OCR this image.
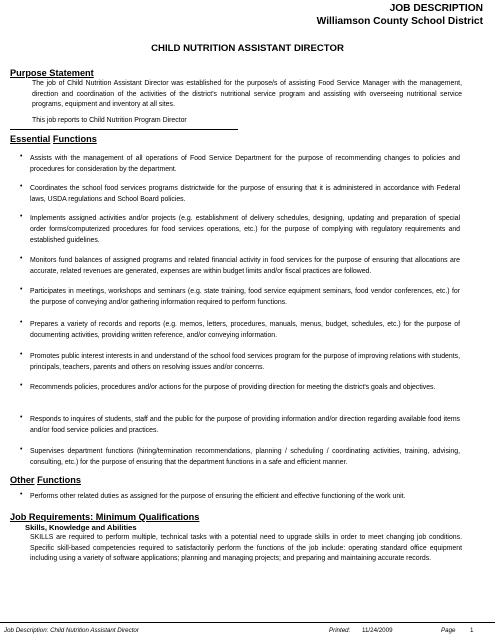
JOB DESCRIPTION
Williamson County School District
CHILD NUTRITION ASSISTANT DIRECTOR
Purpose Statement
The job of Child Nutrition Assistant Director was established for the purpose/s of assisting Food Service Manager with the management, direction and coordination of the activities of the district's nutritional service program and assisting with overseeing nutritional service programs, equipment and inventory at all sites.
This job reports to Child Nutrition Program Director
Essential Functions
• Assists with the management of all operations of Food Service Department for the purpose of recommending changes to policies and procedures for consideration by the department.
• Coordinates the school food services programs districtwide for the purpose of ensuring that it is administered in accordance with Federal laws, USDA regulations and School Board policies.
• Implements assigned activities and/or projects (e.g. establishment of delivery schedules, designing, updating and preparation of special order forms/computerized procedures for food services operations, etc.) for the purpose of complying with regulatory requirements and established guidelines.
• Monitors fund balances of assigned programs and related financial activity in food services for the purpose of ensuring that allocations are accurate, related revenues are generated, expenses are within budget limits and/or fiscal practices are followed.
• Participates in meetings, workshops and seminars (e.g. state training, food service equipment seminars, food vendor conferences, etc.) for the purpose of conveying and/or gathering information required to perform functions.
• Prepares a variety of records and reports (e.g. memos, letters, procedures, manuals, menus, budget, schedules, etc.) for the purpose of documenting activities, providing written reference, and/or conveying information.
• Promotes public interest interests in and understand of the school food services program for the purpose of improving relations with students, principals, teachers, parents and others on resolving issues and/or concerns.
• Recommends policies, procedures and/or actions for the purpose of providing direction for meeting the district's goals and objectives.
• Responds to inquires of students, staff and the public for the purpose of providing information and/or direction regarding available food items and/or food service policies and practices.
• Supervises department functions (hiring/termination recommendations, planning / scheduling / coordinating activities, training, advising, consulting, etc.) for the purpose of ensuring that the department functions in a safe and efficient manner.
Other Functions
• Performs other related duties as assigned for the purpose of ensuring the efficient and effective functioning of the work unit.
Job Requirements: Minimum Qualifications
Skills, Knowledge and Abilities
SKILLS are required to perform multiple, technical tasks with a potential need to upgrade skills in order to meet changing job conditions. Specific skill-based competencies required to satisfactorily perform the functions of the job include: operating standard office equipment including using a variety of software applications; planning and managing projects; and preparing and maintaining accurate records.
Job Description: Child Nutrition Assistant Director	Printed: 11/24/2009	Page 1
